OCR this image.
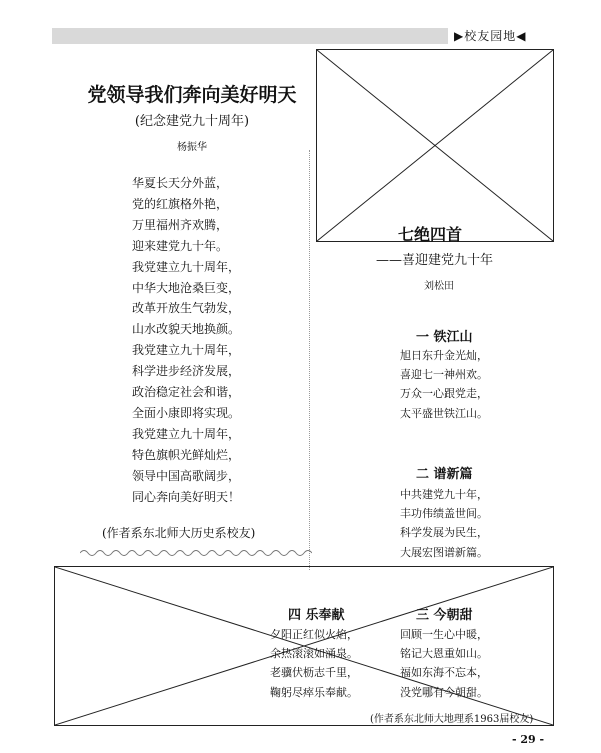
▶校友园地◀
党领导我们奔向美好明天
(纪念建党九十周年)
杨振华
华夏长天分外蓝，
党的红旗格外艳，
万里福州齐欢腾，
迎来建党九十年。
我党建立九十周年，
中华大地沧桑巨变，
改革开放生气勃发，
山水改貌天地换颜。
我党建立九十周年，
科学进步经济发展，
政治稳定社会和谐，
全面小康即将实现。
我党建立九十周年，
特色旗帜光鲜灿烂，
领导中国高歌阔步，
同心奔向美好明天！
(作者系东北师大历史系校友)
七绝四首
——喜迎建党九十年
刘松田
一 铁江山
旭日东升金光灿，
喜迎七一神州欢。
万众一心跟党走，
太平盛世铁江山。
二 谱新篇
中共建党九十年，
丰功伟绩盖世间。
科学发展为民生，
大展宏图谱新篇。
四 乐奉献
夕阳正红似火焰，
余热滚滚如涌泉。
老骥伏枥志千里，
鞠躬尽瘁乐奉献。
三 今朝甜
回顾一生心中暖，
铭记大恩重如山。
福如东海不忘本，
没党哪有今朝甜。
(作者系东北师大地理系1963届校友)
- 29 -
